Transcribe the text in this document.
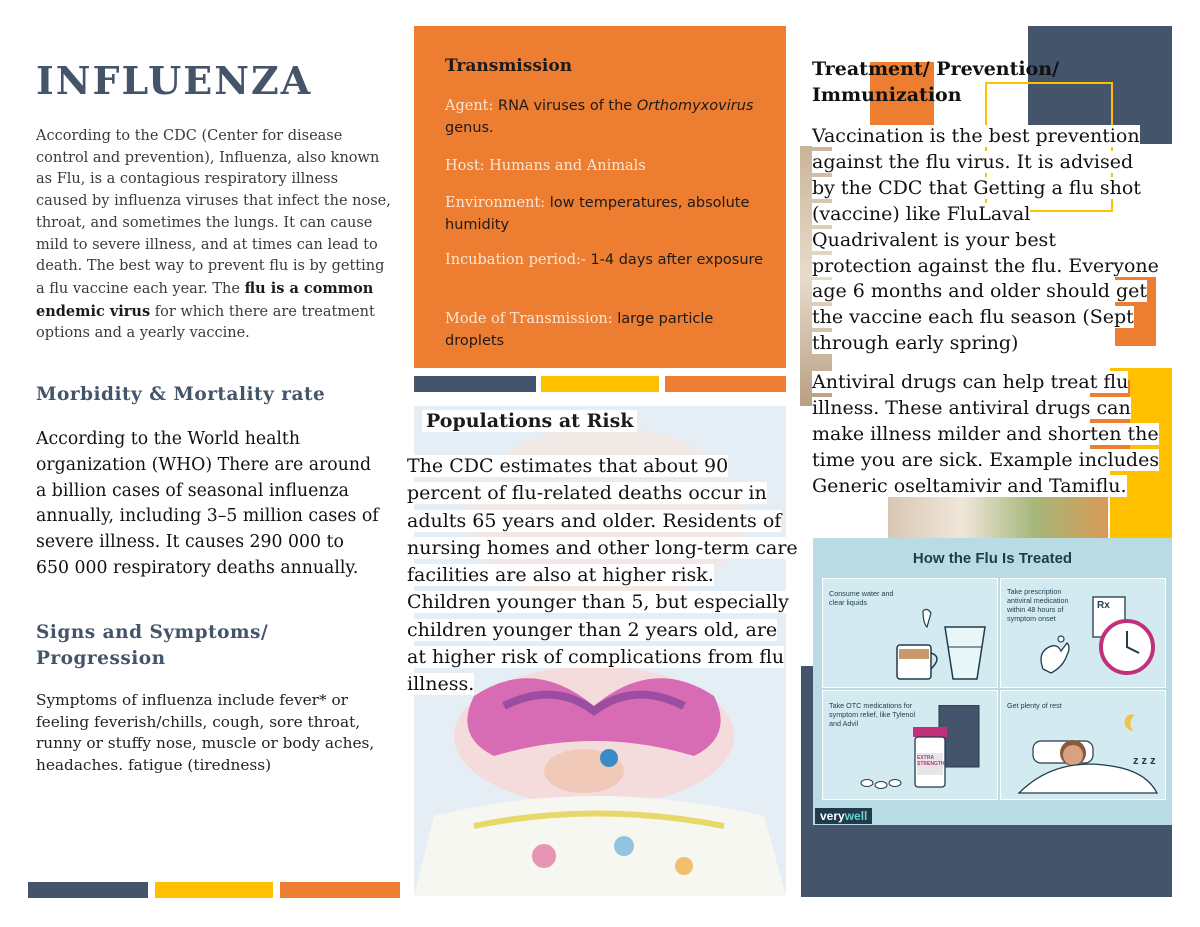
INFLUENZA
According to the CDC (Center for disease control and prevention), Influenza, also known as Flu, is a contagious respiratory illness caused by influenza viruses that infect the nose, throat, and sometimes the lungs. It can cause mild to severe illness, and at times can lead to death. The best way to prevent flu is by getting a flu vaccine each year. The flu is a common endemic virus for which there are treatment options and a yearly vaccine.
Morbidity & Mortality rate
According to the World health organization (WHO) There are around a billion cases of seasonal influenza annually, including 3–5 million cases of severe illness. It causes 290 000 to 650 000 respiratory deaths annually.
Signs and Symptoms/ Progression
Symptoms of influenza include fever* or feeling feverish/chills, cough, sore throat, runny or stuffy nose, muscle or body aches, headaches. fatigue (tiredness)
Transmission
Agent: RNA viruses of the Orthomyxovirus genus.
Host: Humans and Animals
Environment: low temperatures, absolute humidity
Incubation period:- 1-4 days after exposure
Mode of Transmission: large particle droplets
Populations at Risk
The CDC estimates that about 90 percent of flu-related deaths occur in adults 65 years and older. Residents of nursing homes and other long-term care facilities are also at higher risk. Children younger than 5, but especially children younger than 2 years old, are at higher risk of complications from flu illness.
Treatment/ Prevention/ Immunization
Vaccination is the best prevention against the flu virus. It is advised by the CDC that Getting a flu shot (vaccine) like FluLaval Quadrivalent is your best protection against the flu. Everyone age 6 months and older should get the vaccine each flu season (Sept through early spring)
Antiviral drugs can help treat flu illness. These antiviral drugs can make illness milder and shorten the time you are sick. Example includes Generic oseltamivir and Tamiflu.
How the Flu Is Treated
Consume water and clear liquids
Take prescription antiviral medication within 48 hours of symptom onset
Rx
Take OTC medications for symptom relief, like Tylenol and Advil
EXTRA STRENGTH
Get plenty of rest
z z z
verywell
